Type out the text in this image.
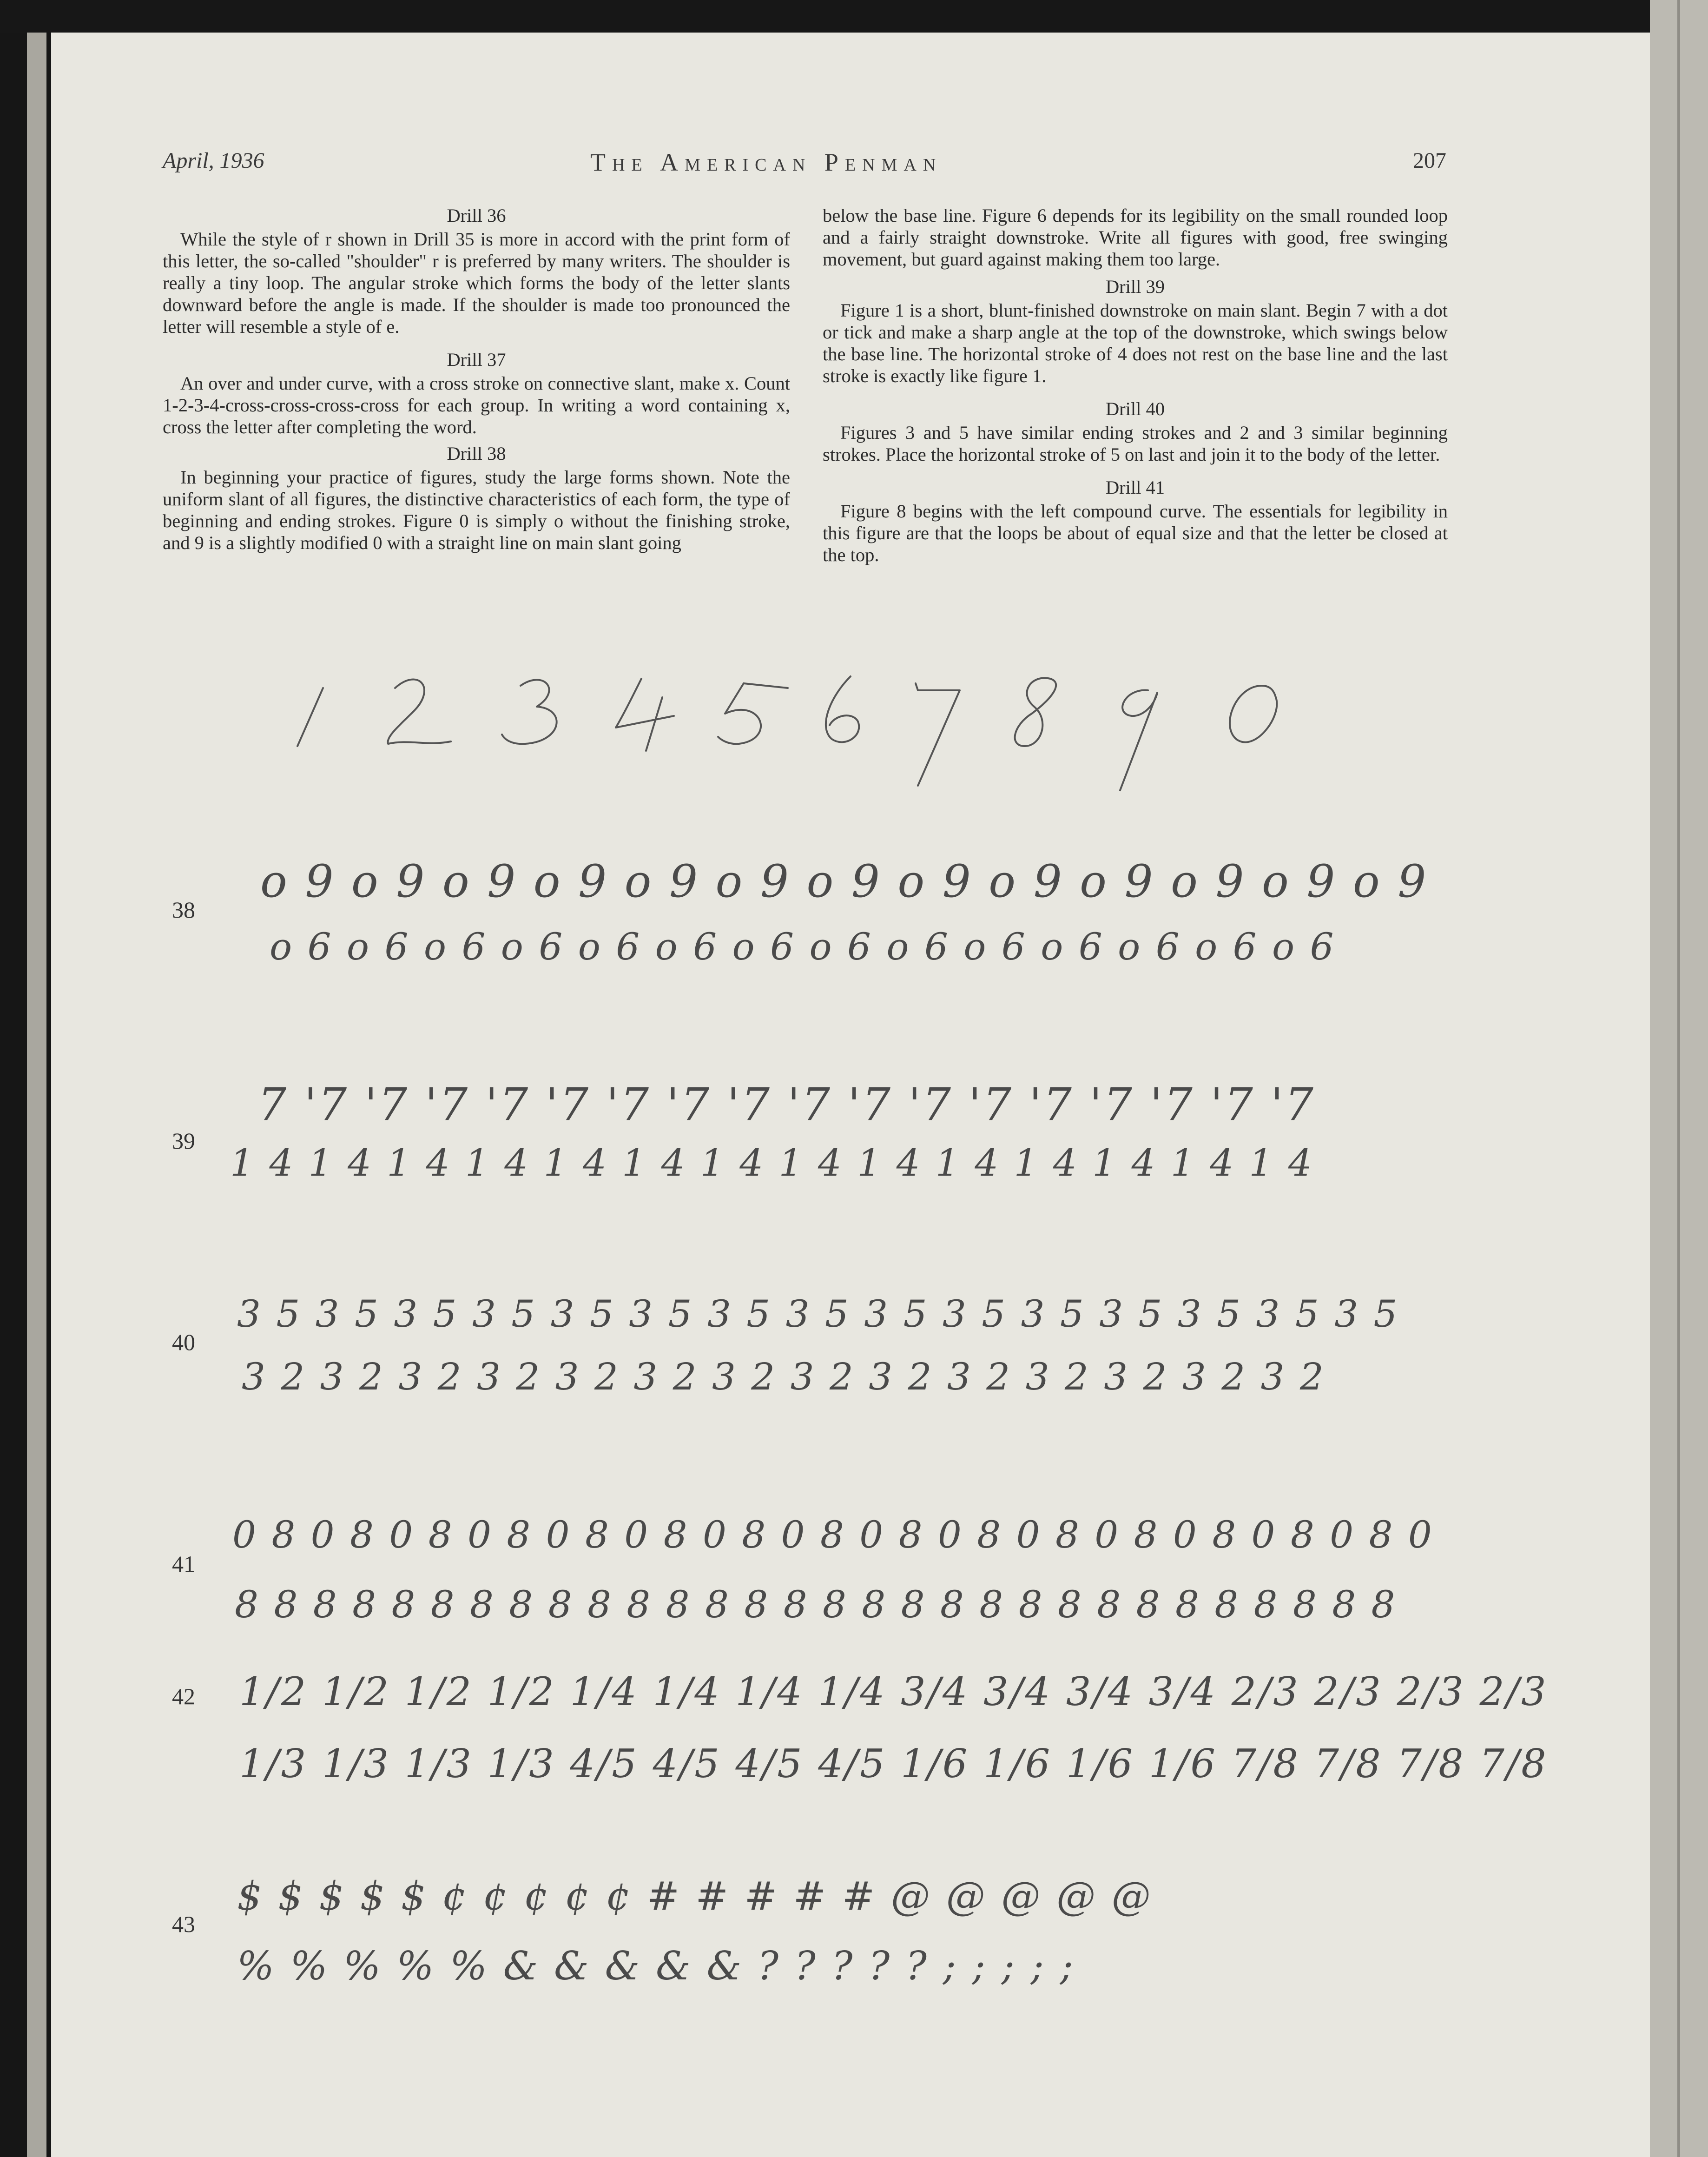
April, 1936	The American Penman	207
Drill 36

While the style of r shown in Drill 35 is more in accord with the print form of this letter, the so-called "shoulder" r is preferred by many writers. The shoulder is really a tiny loop. The angular stroke which forms the body of the letter slants downward before the angle is made. If the shoulder is made too pronounced the letter will resemble a style of e.

Drill 37

An over and under curve, with a cross stroke on connective slant, make x. Count 1-2-3-4-cross-cross-cross-cross for each group. In writing a word containing x, cross the letter after completing the word.

Drill 38

In beginning your practice of figures, study the large forms shown. Note the uniform slant of all figures, the distinctive characteristics of each form, the type of beginning and ending strokes. Figure 0 is simply o without the finishing stroke, and 9 is a slightly modified 0 with a straight line on main slant going

below the base line. Figure 6 depends for its legibility on the small rounded loop and a fairly straight downstroke. Write all figures with good, free swinging movement, but guard against making them too large.

Drill 39

Figure 1 is a short, blunt-finished downstroke on main slant. Begin 7 with a dot or tick and make a sharp angle at the top of the downstroke, which swings below the base line. The horizontal stroke of 4 does not rest on the base line and the last stroke is exactly like figure 1.

Drill 40

Figures 3 and 5 have similar ending strokes and 2 and 3 similar beginning strokes. Place the horizontal stroke of 5 on last and join it to the body of the letter.

Drill 41

Figure 8 begins with the left compound curve. The essentials for legibility in this figure are that the loops be about of equal size and that the letter be closed at the top.

38
o 9 o 9 o 9 o 9 o 9 o 9 o 9 o 9 o 9 o 9 o 9 o 9 o 9
o 6 o 6 o 6 o 6 o 6 o 6 o 6 o 6 o 6 o 6 o 6 o 6 o 6 o 6
39
7 '7 '7 '7 '7 '7 '7 '7 '7 '7 '7 '7 '7 '7 '7 '7 '7 '7
1 4 1 4 1 4 1 4 1 4 1 4 1 4 1 4 1 4 1 4 1 4 1 4 1 4 1 4
40
3 5 3 5 3 5 3 5 3 5 3 5 3 5 3 5 3 5 3 5 3 5 3 5 3 5 3 5 3 5
3 2 3 2 3 2 3 2 3 2 3 2 3 2 3 2 3 2 3 2 3 2 3 2 3 2 3 2
41
0 8 0 8 0 8 0 8 0 8 0 8 0 8 0 8 0 8 0 8 0 8 0 8 0 8 0 8 0 8 0
8 8 8 8 8 8 8 8 8 8 8 8 8 8 8 8 8 8 8 8 8 8 8 8 8 8 8 8 8 8
42 1/2 1/2 1/2 1/2 1/4 1/4 1/4 1/4 3/4 3/4 3/4 3/4 2/3 2/3 2/3 2/3
1/3 1/3 1/3 1/3 4/5 4/5 4/5 4/5 1/6 1/6 1/6 1/6 7/8 7/8 7/8 7/8
43
$ $ $ $ $ ¢ ¢ ¢ ¢ ¢ # # # # # @ @ @ @ @
% % % % % & & & & & ? ? ? ? ? ; ; ; ; ;
